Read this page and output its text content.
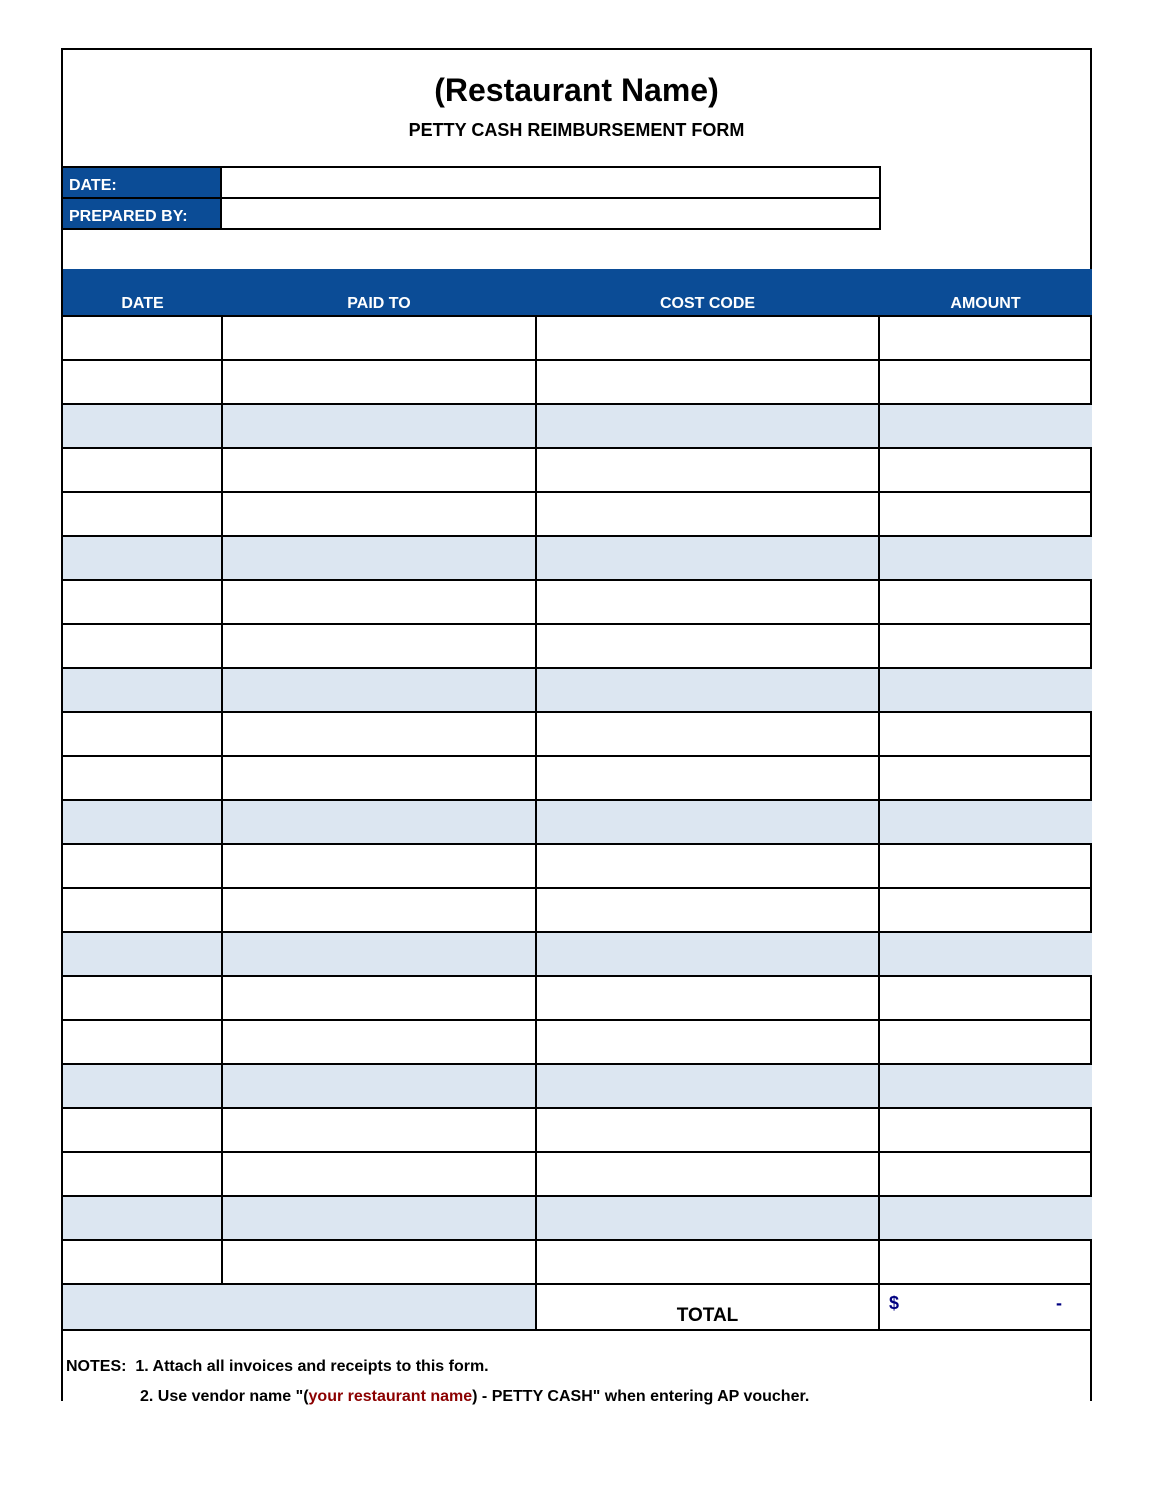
(Restaurant Name)
PETTY CASH REIMBURSEMENT FORM
DATE:	
PREPARED BY:	
DATE	PAID TO	COST CODE	AMOUNT

		TOTAL	$ -
NOTES: 1. Attach all invoices and receipts to this form.
2. Use vendor name "(your restaurant name) - PETTY CASH" when entering AP voucher.
